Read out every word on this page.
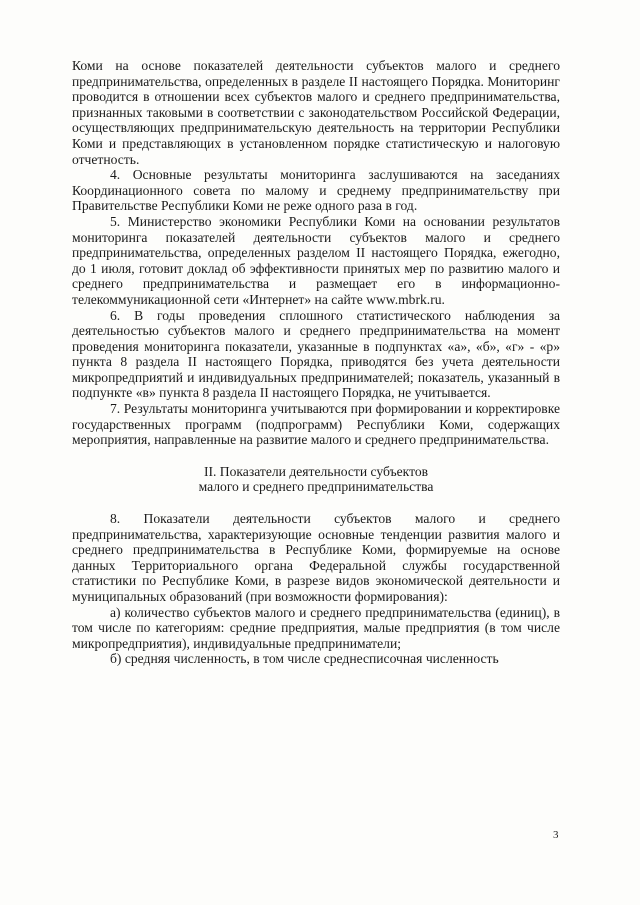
Коми на основе показателей деятельности субъектов малого и среднего предпринимательства, определенных в разделе II настоящего Порядка. Мониторинг проводится в отношении всех субъектов малого и среднего предпринимательства, признанных таковыми в соответствии с законодательством Российской Федерации, осуществляющих предпринимательскую деятельность на территории Республики Коми и представляющих в установленном порядке статистическую и налоговую отчетность.

4. Основные результаты мониторинга заслушиваются на заседаниях Координационного совета по малому и среднему предпринимательству при Правительстве Республики Коми не реже одного раза в год.

5. Министерство экономики Республики Коми на основании результатов мониторинга показателей деятельности субъектов малого и среднего предпринимательства, определенных разделом II настоящего Порядка, ежегодно, до 1 июля, готовит доклад об эффективности принятых мер по развитию малого и среднего предпринимательства и размещает его в информационно-телекоммуникационной сети «Интернет» на сайте www.mbrk.ru.

6. В годы проведения сплошного статистического наблюдения за деятельностью субъектов малого и среднего предпринимательства на момент проведения мониторинга показатели, указанные в подпунктах «а», «б», «г» - «р» пункта 8 раздела II настоящего Порядка, приводятся без учета деятельности микропредприятий и индивидуальных предпринимателей; показатель, указанный в подпункте «в» пункта 8 раздела II настоящего Порядка, не учитывается.

7. Результаты мониторинга учитываются при формировании и корректировке государственных программ (подпрограмм) Республики Коми, содержащих мероприятия, направленные на развитие малого и среднего предпринимательства.

II. Показатели деятельности субъектов
малого и среднего предпринимательства

8. Показатели деятельности субъектов малого и среднего предпринимательства, характеризующие основные тенденции развития малого и среднего предпринимательства в Республике Коми, формируемые на основе данных Территориального органа Федеральной службы государственной статистики по Республике Коми, в разрезе видов экономической деятельности и муниципальных образований (при возможности формирования):

а) количество субъектов малого и среднего предпринимательства (единиц), в том числе по категориям: средние предприятия, малые предприятия (в том числе микропредприятия), индивидуальные предприниматели;

б) средняя численность, в том числе среднесписочная численность

3
